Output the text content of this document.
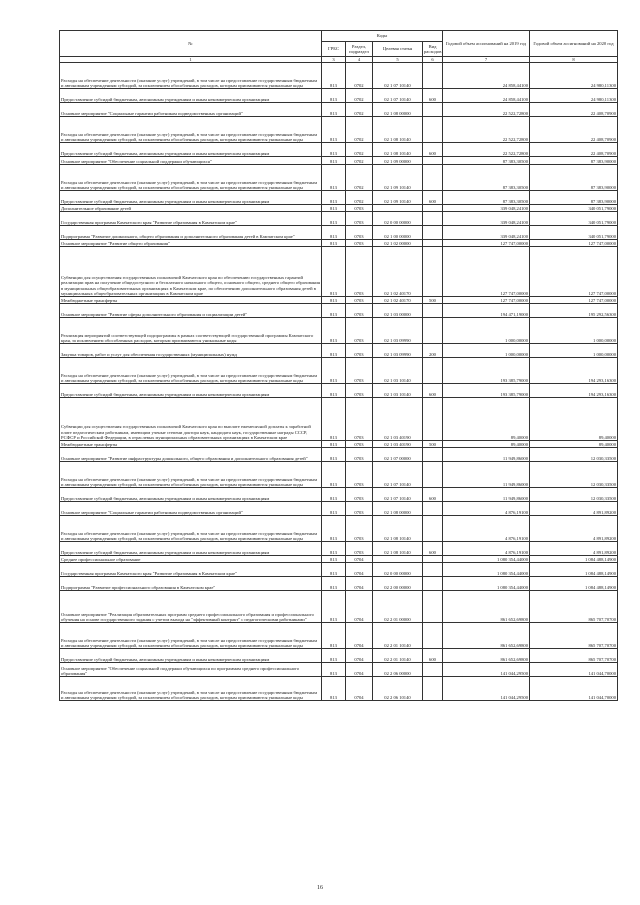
№	Коды				Годовой объем ассигнований на 2019 год	Годовой объем ассигнований на 2020 год
	ГРБС	Раздел, подраздел	Целевая статья	Вид расходов		
1	3	4	5	6	7	8
Расходы на обеспечение деятельности (оказание услуг) учреждений, в том числе на предоставление государственным бюджетным и автономным учреждениям субсидий, за исключением обособленных расходов, которым присваиваются уникальные коды	813	0702	02 1 07 10140		24 858,44100	24 980,11300
Предоставление субсидий бюджетным, автономным учреждениям и иным некоммерческим организациям	813	0702	02 1 07 10140	600	24 858,44100	24 980,11300
Основное мероприятие "Социальные гарантии работникам подведомственных организаций"	813	0702	02 1 08 00000		22 522,72800	22 408,70900
Расходы на обеспечение деятельности (оказание услуг) учреждений, в том числе на предоставление государственным бюджетным и автономным учреждениям субсидий, за исключением обособленных расходов, которым присваиваются уникальные коды	813	0702	02 1 08 10140		22 522,72800	22 408,70900
Предоставление субсидий бюджетным, автономным учреждениям и иным некоммерческим организациям	813	0702	02 1 08 10140	600	22 522,72800	22 408,70900
Основное мероприятие "Обеспечение социальной поддержки обучающихся"	813	0702	02 1 09 00000		87 383,30500	87 383,90000
Расходы на обеспечение деятельности (оказание услуг) учреждений, в том числе на предоставление государственным бюджетным и автономным учреждениям субсидий, за исключением обособленных расходов, которым присваиваются уникальные коды	813	0702	02 1 09 10140		87 383,30500	87 383,90000
Предоставление субсидий бюджетным, автономным учреждениям и иным некоммерческим организациям	813	0702	02 1 09 10140	600	87 383,30500	87 383,90000
Дополнительное образование детей	813	0703			339 048,24100	340 051,79000
Государственная программа Камчатского края "Развитие образования в Камчатском крае"	813	0703	02 0 00 00000		339 048,24100	340 051,79000
Подпрограмма "Развитие дошкольного, общего образования и дополнительного образования детей в Камчатском крае"	813	0703	02 1 00 00000		339 048,24100	340 051,79000
Основное мероприятие "Развитие общего образования"	813	0703	02 1 02 00000		127 747,00000	127 747,00000
Субвенции для осуществления государственных полномочий Камчатского края по обеспечению государственных гарантий реализации прав на получение общедоступного и бесплатного начального общего, основного общего, среднего общего образования в муниципальных общеобразовательных организациях в Камчатском крае, по обеспечению дополнительного образования детей в муниципальных общеобразовательных организациях в Камчатском крае	813	0703	02 1 02 40170		127 747,00000	127 747,00000
Межбюджетные трансферты	813	0703	02 1 02 40170	500	127 747,00000	127 747,00000
Основное мероприятие "Развитие сферы дополнительного образования и социализации детей"	813	0703	02 1 03 00000		194 471,19000	195 292,56300
Реализация мероприятий соответствующей подпрограммы в рамках соответствующей государственной программы Камчатского края, за исключением обособленных расходов, которым присваиваются уникальные коды	813	0703	02 1 03 09990		1 000,00000	1 000,00000
Закупка товаров, работ и услуг для обеспечения государственных (муниципальных) нужд	813	0703	02 1 03 09990	200	1 000,00000	1 000,00000
Расходы на обеспечение деятельности (оказание услуг) учреждений, в том числе на предоставление государственным бюджетным и автономным учреждениям субсидий, за исключением обособленных расходов, которым присваиваются уникальные коды	813	0703	02 1 03 10140		193 385,79000	194 293,16300
Предоставление субсидий бюджетным, автономным учреждениям и иным некоммерческим организациям	813	0703	02 1 03 10140	600	193 385,79000	194 293,16300
Субвенции для осуществления государственных полномочий Камчатского края по выплате ежемесячной доплаты к заработной плате педагогическим работникам, имеющим ученые степени доктора наук, кандидата наук, государственные награды СССР, РСФСР и Российской Федерации, в отраслевых муниципальных образовательных организациях в Камчатском крае	813	0703	02 1 03 40190		89,40000	89,40000
Межбюджетные трансферты	813	0703	02 1 03 40190	500	89,40000	89,40000
Основное мероприятие "Развитие инфраструктуры дошкольного, общего образования и дополнительного образования детей"	813	0703	02 1 07 00000		11 949,86000	12 030,33500
Расходы на обеспечение деятельности (оказание услуг) учреждений, в том числе на предоставление государственным бюджетным и автономным учреждениям субсидий, за исключением обособленных расходов, которым присваиваются уникальные коды	813	0703	02 1 07 10140		11 949,86000	12 030,33500
Предоставление субсидий бюджетным, автономным учреждениям и иным некоммерческим организациям	813	0703	02 1 07 10140	600	11 949,86000	12 030,33500
Основное мероприятие "Социальные гарантии работникам подведомственных организаций"	813	0703	02 1 08 00000		4 876,19100	4 891,89200
Расходы на обеспечение деятельности (оказание услуг) учреждений, в том числе на предоставление государственным бюджетным и автономным учреждениям субсидий, за исключением обособленных расходов, которым присваиваются уникальные коды	813	0703	02 1 08 10140		4 876,19100	4 891,89200
Предоставление субсидий бюджетным, автономным учреждениям и иным некоммерческим организациям	813	0703	02 1 08 10140	600	4 876,19100	4 891,89200
Среднее профессиональное образование	813	0704			1 080 354,44000	1 084 488,14900
Государственная программа Камчатского края "Развитие образования в Камчатском крае"	813	0704	02 0 00 00000		1 080 354,44000	1 084 488,14900
Подпрограмма "Развитие профессионального образования в Камчатском крае"	813	0704	02 2 00 00000		1 080 354,44000	1 084 488,14900
Основное мероприятие "Реализация образовательных программ среднего профессионального образования и профессионального обучения на основе государственного задания с учетом выхода на "эффективный контракт" с педагогическими работниками"	813	0704	02 2 01 00000		861 652,69800	865 707,70700
Расходы на обеспечение деятельности (оказание услуг) учреждений, в том числе на предоставление государственным бюджетным и автономным учреждениям субсидий, за исключением обособленных расходов, которым присваиваются уникальные коды	813	0704	02 2 01 10140		861 652,69800	865 707,70700
Предоставление субсидий бюджетным, автономным учреждениям и иным некоммерческим организациям	813	0704	02 2 01 10140	600	861 652,69800	865 707,70700
Основное мероприятие "Обеспечение социальной поддержки обучающихся по программам среднего профессионального образования"	813	0704	02 2 06 00000		141 044,29500	141 044,70000
Расходы на обеспечение деятельности (оказание услуг) учреждений, в том числе на предоставление государственным бюджетным и автономным учреждениям субсидий, за исключением обособленных расходов, которым присваиваются уникальные коды	813	0704	02 2 06 10140		141 044,29500	141 044,70000
16
